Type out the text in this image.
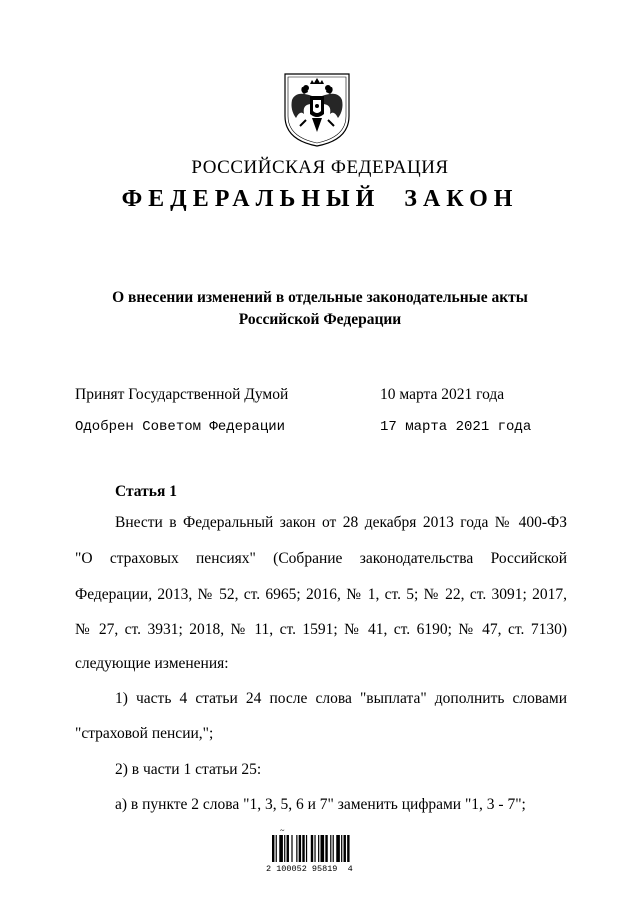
РОССИЙСКАЯ ФЕДЕРАЦИЯ
ФЕДЕРАЛЬНЫЙ ЗАКОН
О внесении изменений в отдельные законодательные акты
Российской Федерации
Принят Государственной Думой	10 марта 2021 года
Одобрен Советом Федерации	17 марта 2021 года
Статья 1
Внести в Федеральный закон от 28 декабря 2013 года № 400-ФЗ
"О страховых пенсиях" (Собрание законодательства Российской
Федерации, 2013, № 52, ст. 6965; 2016, № 1, ст. 5; № 22, ст. 3091; 2017,
№ 27, ст. 3931; 2018, № 11, ст. 1591; № 41, ст. 6190; № 47, ст. 7130)
следующие изменения:
1) часть 4 статьи 24 после слова "выплата" дополнить словами
"страховой пенсии,";
2) в части 1 статьи 25:
а) в пункте 2 слова "1, 3, 5, 6 и 7" заменить цифрами "1, 3 - 7";
~
2 100052 95819  4
